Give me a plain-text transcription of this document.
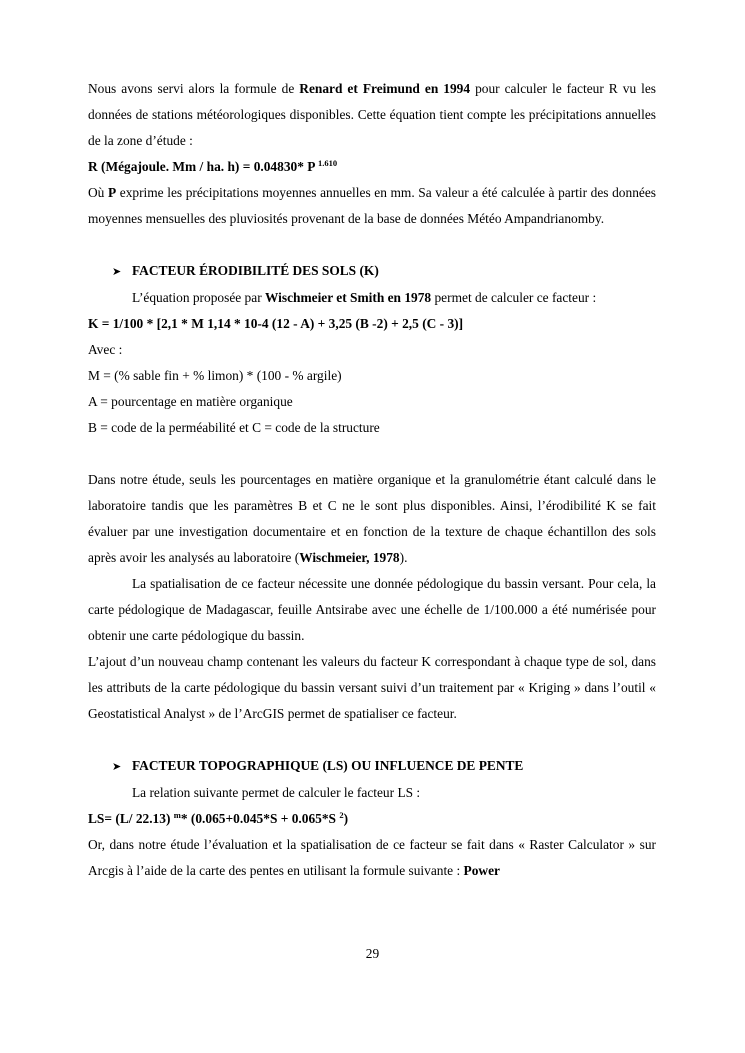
Nous avons servi alors la formule de Renard et Freimund en 1994 pour calculer le facteur R vu les données de stations météorologiques disponibles. Cette équation tient compte les précipitations annuelles de la zone d’étude :

R (Mégajoule. Mm / ha. h) = 0.04830* P $^{1.610}$

Où P exprime les précipitations moyennes annuelles en mm. Sa valeur a été calculée à partir des données moyennes mensuelles des pluviosités provenant de la base de données Météo Ampandrianomby.

➤ FACTEUR ÉRODIBILITÉ DES SOLS (K)

L’équation proposée par Wischmeier et Smith en 1978 permet de calculer ce facteur :

K = 1/100 * [2,1 * M 1,14 * 10-4 (12 - A) + 3,25 (B -2) + 2,5 (C - 3)]

Avec :

M = (% sable fin + % limon) * (100 - % argile)

A = pourcentage en matière organique

B = code de la perméabilité et C = code de la structure

Dans notre étude, seuls les pourcentages en matière organique et la granulométrie étant calculé dans le laboratoire tandis que les paramètres B et C ne le sont plus disponibles. Ainsi, l’érodibilité K se fait évaluer par une investigation documentaire et en fonction de la texture de chaque échantillon des sols après avoir les analysés au laboratoire (Wischmeier, 1978).

La spatialisation de ce facteur nécessite une donnée pédologique du bassin versant. Pour cela, la carte pédologique de Madagascar, feuille Antsirabe avec une échelle de 1/100.000 a été numérisée pour obtenir une carte pédologique du bassin.

L’ajout d’un nouveau champ contenant les valeurs du facteur K correspondant à chaque type de sol, dans les attributs de la carte pédologique du bassin versant suivi d’un traitement par « Kriging » dans l’outil « Geostatistical Analyst » de l’ArcGIS permet de spatialiser ce facteur.

➤ FACTEUR TOPOGRAPHIQUE (LS) OU INFLUENCE DE PENTE

La relation suivante permet de calculer le facteur LS :

LS= (L/ 22.13) $^m$* (0.065+0.045*S + 0.065*S $^2$)

Or, dans notre étude l’évaluation et la spatialisation de ce facteur se fait dans « Raster Calculator » sur Arcgis à l’aide de la carte des pentes en utilisant la formule suivante : Power

29
